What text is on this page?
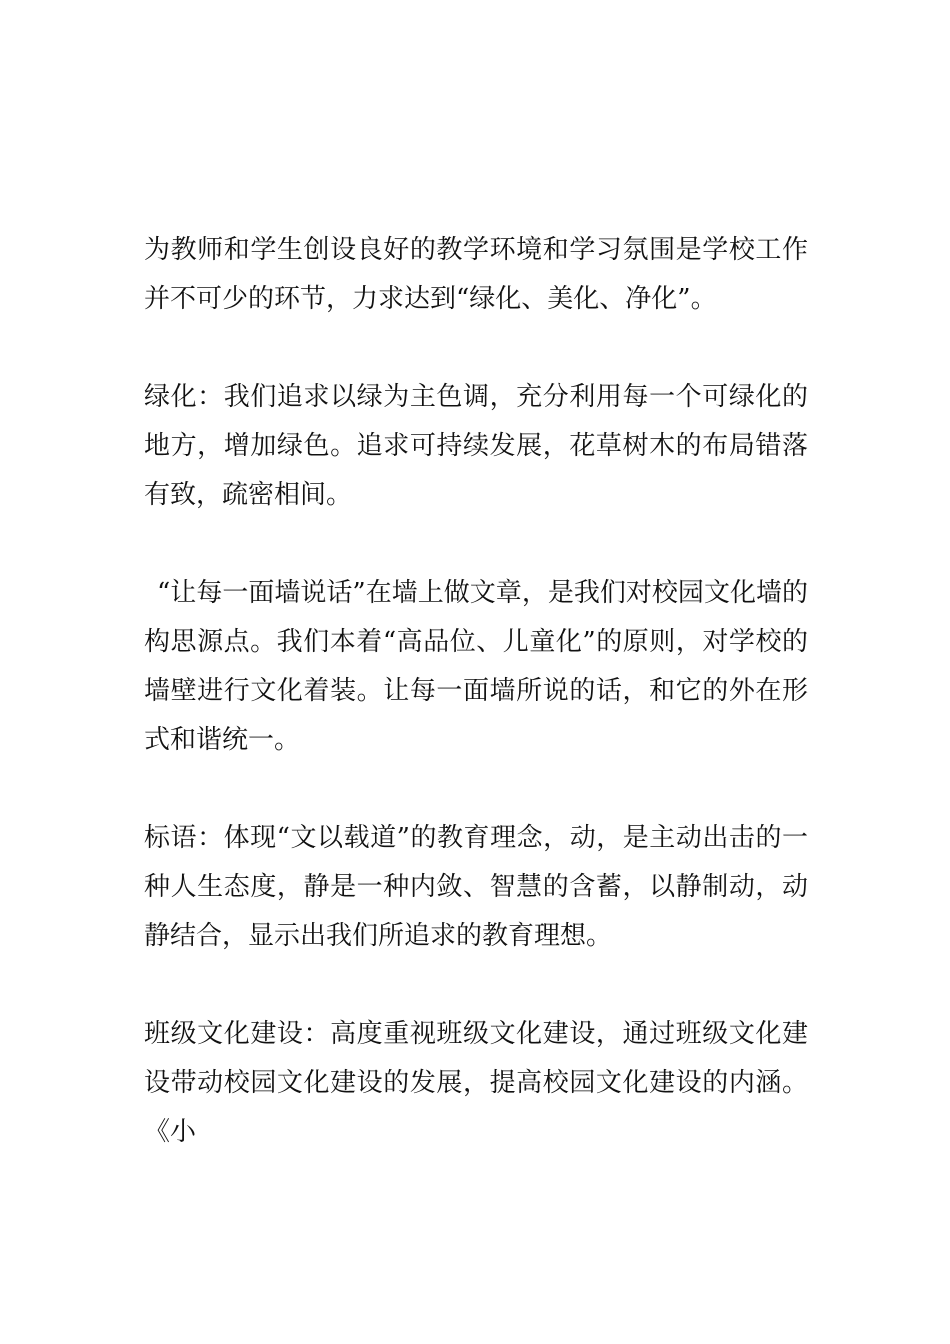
为教师和学生创设良好的教学环境和学习氛围是学校工作并不可少的环节，力求达到“绿化、美化、净化”。

绿化：我们追求以绿为主色调，充分利用每一个可绿化的地方，增加绿色。追求可持续发展，花草树木的布局错落有致，疏密相间。

“让每一面墙说话”在墙上做文章，是我们对校园文化墙的构思源点。我们本着“高品位、儿童化”的原则，对学校的墙壁进行文化着装。让每一面墙所说的话，和它的外在形式和谐统一。

标语：体现“文以载道”的教育理念，动，是主动出击的一种人生态度，静是一种内敛、智慧的含蓄，以静制动，动静结合，显示出我们所追求的教育理想。

班级文化建设：高度重视班级文化建设，通过班级文化建设带动校园文化建设的发展，提高校园文化建设的内涵。《小
